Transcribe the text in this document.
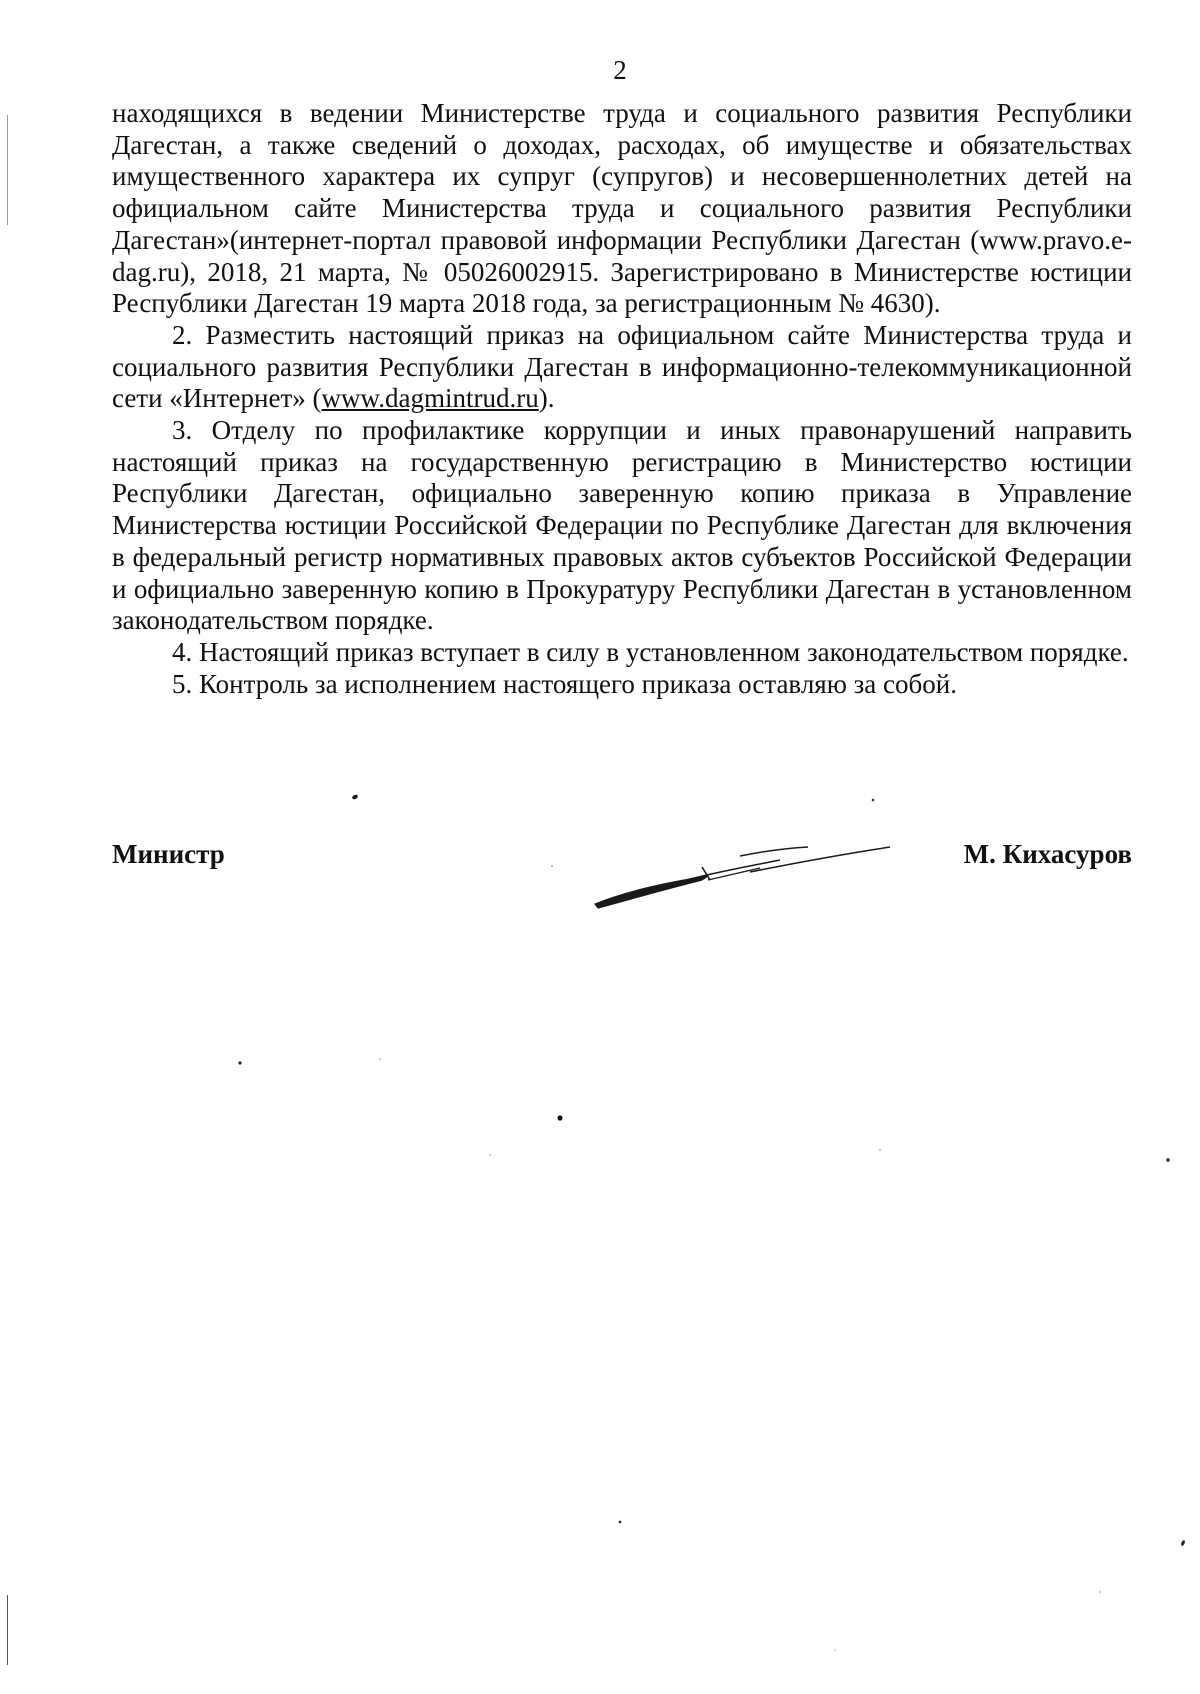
2

находящихся в ведении Министерстве труда и социального развития Республики Дагестан, а также сведений о доходах, расходах, об имуществе и обязательствах имущественного характера их супруг (супругов) и несовершеннолетних детей на официальном сайте Министерства труда и социального развития Республики Дагестан»(интернет-портал правовой информации Республики Дагестан (www.pravo.e-dag.ru), 2018, 21 марта, № 05026002915. Зарегистрировано в Министерстве юстиции Республики Дагестан 19 марта 2018 года, за регистрационным № 4630).

2. Разместить настоящий приказ на официальном сайте Министерства труда и социального развития Республики Дагестан в информационно-телекоммуникационной сети «Интернет» (www.dagmintrud.ru).

3. Отделу по профилактике коррупции и иных правонарушений направить настоящий приказ на государственную регистрацию в Министерство юстиции Республики Дагестан, официально заверенную копию приказа в Управление Министерства юстиции Российской Федерации по Республике Дагестан для включения в федеральный регистр нормативных правовых актов субъектов Российской Федерации и официально заверенную копию в Прокуратуру Республики Дагестан в установленном законодательством порядке.

4. Настоящий приказ вступает в силу в установленном законодательством порядке.

5. Контроль за исполнением настоящего приказа оставляю за собой.

Министр	М. Кихасуров
